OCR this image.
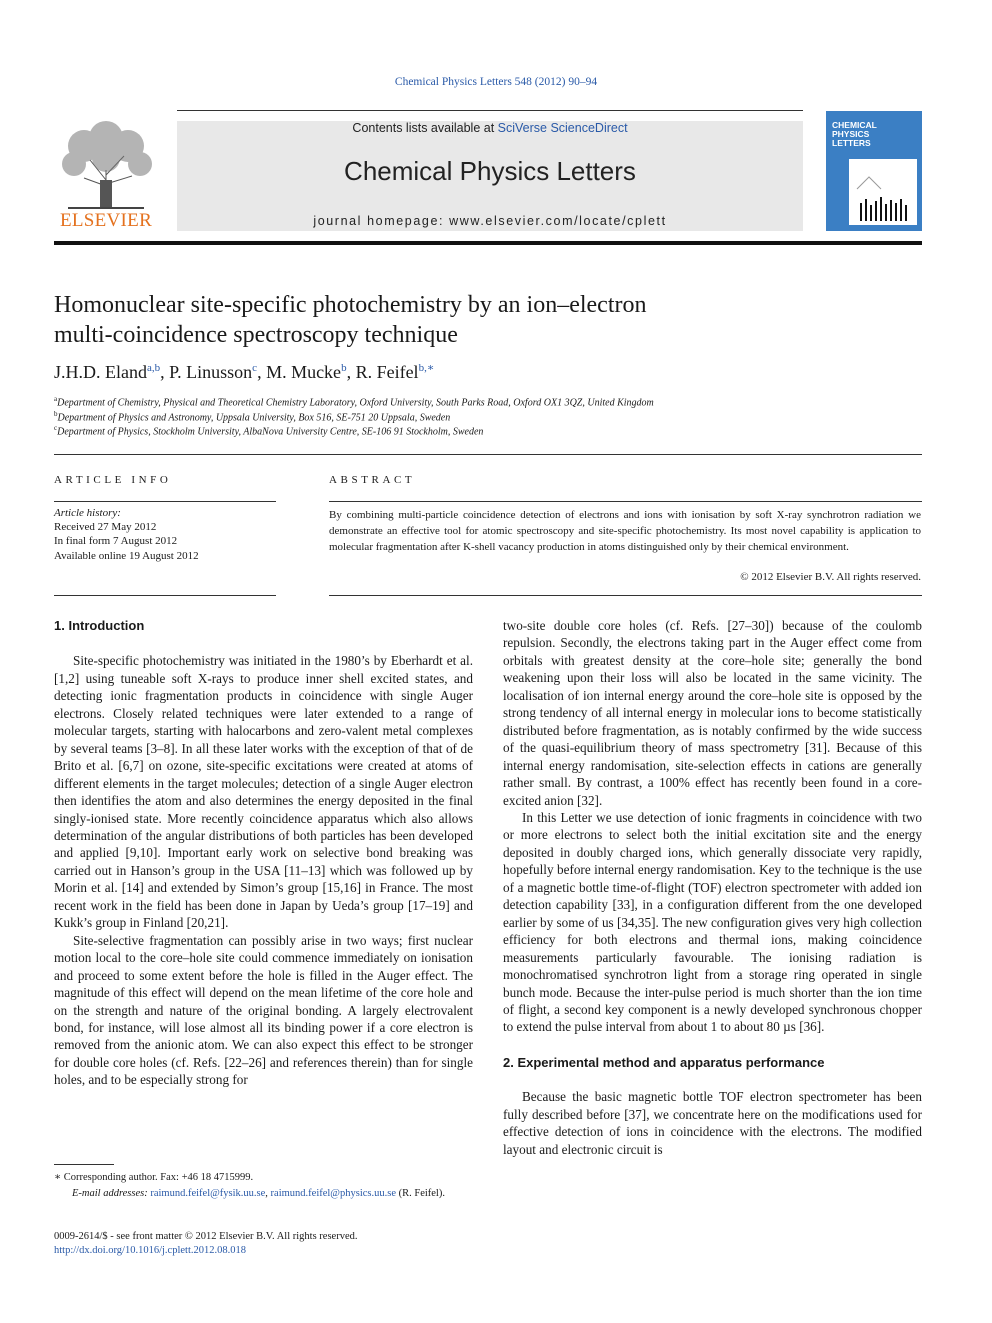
Chemical Physics Letters 548 (2012) 90–94
ELSEVIER
Contents lists available at SciVerse ScienceDirect
Chemical Physics Letters
journal homepage: www.elsevier.com/locate/cplett
CHEMICAL
PHYSICS
LETTERS
Homonuclear site-specific photochemistry by an ion–electron
multi-coincidence spectroscopy technique
J.H.D. Eland$^{a,b}$, P. Linusson$^c$, M. Mucke$^b$, R. Feifel$^{b,∗}$
$^a$Department of Chemistry, Physical and Theoretical Chemistry Laboratory, Oxford University, South Parks Road, Oxford OX1 3QZ, United Kingdom
$^b$Department of Physics and Astronomy, Uppsala University, Box 516, SE-751 20 Uppsala, Sweden
$^c$Department of Physics, Stockholm University, AlbaNova University Centre, SE-106 91 Stockholm, Sweden
ARTICLE INFO
Article history:
Received 27 May 2012
In final form 7 August 2012
Available online 19 August 2012
ABSTRACT
By combining multi-particle coincidence detection of electrons and ions with ionisation by soft X-ray synchrotron radiation we demonstrate an effective tool for atomic spectroscopy and site-specific photochemistry. Its most novel capability is application to molecular fragmentation after K-shell vacancy production in atoms distinguished only by their chemical environment.
© 2012 Elsevier B.V. All rights reserved.
1. Introduction

Site-specific photochemistry was initiated in the 1980’s by Eberhardt et al. [1,2] using tuneable soft X-rays to produce inner shell excited states, and detecting ionic fragmentation products in coincidence with single Auger electrons. Closely related techniques were later extended to a range of molecular targets, starting with halocarbons and zero-valent metal complexes by several teams [3–8]. In all these later works with the exception of that of de Brito et al. [6,7] on ozone, site-specific excitations were created at atoms of different elements in the target molecules; detection of a single Auger electron then identifies the atom and also determines the energy deposited in the final singly-ionised state. More recently coincidence apparatus which also allows determination of the angular distributions of both particles has been developed and applied [9,10]. Important early work on selective bond breaking was carried out in Hanson’s group in the USA [11–13] which was followed up by Morin et al. [14] and extended by Simon’s group [15,16] in France. The most recent work in the field has been done in Japan by Ueda’s group [17–19] and Kukk’s group in Finland [20,21].

Site-selective fragmentation can possibly arise in two ways; first nuclear motion local to the core–hole site could commence immediately on ionisation and proceed to some extent before the hole is filled in the Auger effect. The magnitude of this effect will depend on the mean lifetime of the core hole and on the strength and nature of the original bonding. A largely electrovalent bond, for instance, will lose almost all its binding power if a core electron is removed from the anionic atom. We can also expect this effect to be stronger for double core holes (cf. Refs. [22–26] and references therein) than for single holes, and to be especially strong for

two-site double core holes (cf. Refs. [27–30]) because of the coulomb repulsion. Secondly, the electrons taking part in the Auger effect come from orbitals with greatest density at the core–hole site; generally the bond weakening upon their loss will also be located in the same vicinity. The localisation of ion internal energy around the core–hole site is opposed by the strong tendency of all internal energy in molecular ions to become statistically distributed before fragmentation, as is notably confirmed by the wide success of the quasi-equilibrium theory of mass spectrometry [31]. Because of this internal energy randomisation, site-selection effects in cations are generally rather small. By contrast, a 100% effect has recently been found in a core-excited anion [32].

In this Letter we use detection of ionic fragments in coincidence with two or more electrons to select both the initial excitation site and the energy deposited in doubly charged ions, which generally dissociate very rapidly, hopefully before internal energy randomisation. Key to the technique is the use of a magnetic bottle time-of-flight (TOF) electron spectrometer with added ion detection capability [33], in a configuration different from the one developed earlier by some of us [34,35]. The new configuration gives very high collection efficiency for both electrons and thermal ions, making coincidence measurements particularly favourable. The ionising radiation is monochromatised synchrotron light from a storage ring operated in single bunch mode. Because the inter-pulse period is much shorter than the ion time of flight, a second key component is a newly developed synchronous chopper to extend the pulse interval from about 1 to about 80 µs [36].

2. Experimental method and apparatus performance

Because the basic magnetic bottle TOF electron spectrometer has been fully described before [37], we concentrate here on the modifications used for effective detection of ions in coincidence with the electrons. The modified layout and electronic circuit is

∗ Corresponding author. Fax: +46 18 4715999.
E-mail addresses: raimund.feifel@fysik.uu.se, raimund.feifel@physics.uu.se (R. Feifel).
0009-2614/$ - see front matter © 2012 Elsevier B.V. All rights reserved.
http://dx.doi.org/10.1016/j.cplett.2012.08.018
